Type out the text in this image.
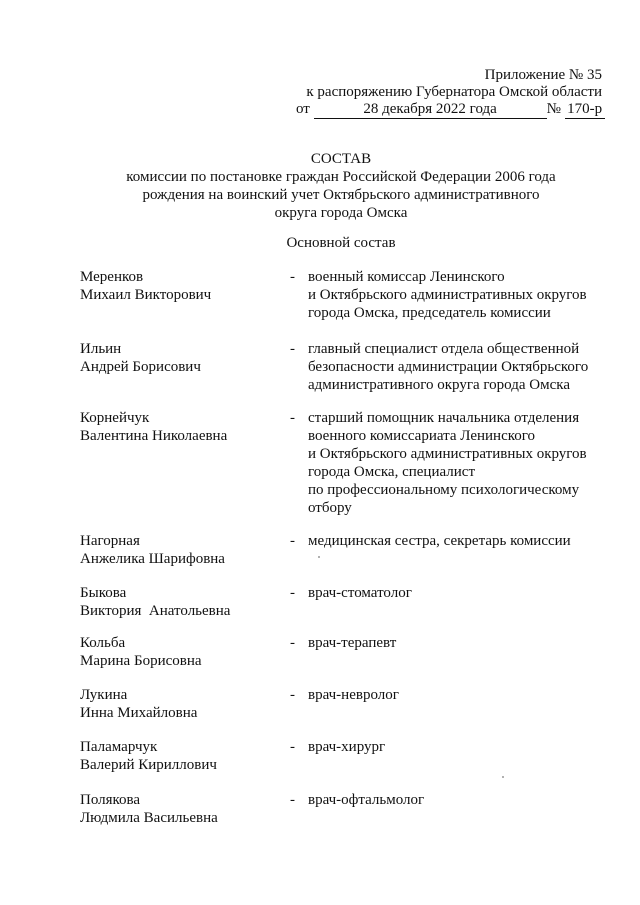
Приложение № 35
к распоряжению Губернатора Омской области
от	28 декабря 2022 года	№ 170-р
СОСТАВ
комиссии по постановке граждан Российской Федерации 2006 года
рождения на воинский учет Октябрьского административного
округа города Омска
Основной состав
Меренков
Михаил Викторович
- военный комиссар Ленинского
и Октябрьского административных округов
города Омска, председатель комиссии
Ильин
Андрей Борисович
- главный специалист отдела общественной
безопасности администрации Октябрьского
административного округа города Омска
Корнейчук
Валентина Николаевна
- старший помощник начальника отделения
военного комиссариата Ленинского
и Октябрьского административных округов
города Омска, специалист
по профессиональному психологическому
отбору
Нагорная
Анжелика Шарифовна
- медицинская сестра, секретарь комиссии
Быкова
Виктория  Анатольевна
- врач-стоматолог
Кольба
Марина Борисовна
- врач-терапевт
Лукина
Инна Михайловна
- врач-невролог
Паламарчук
Валерий Кириллович
- врач-хирург
Полякова
Людмила Васильевна
- врач-офтальмолог
